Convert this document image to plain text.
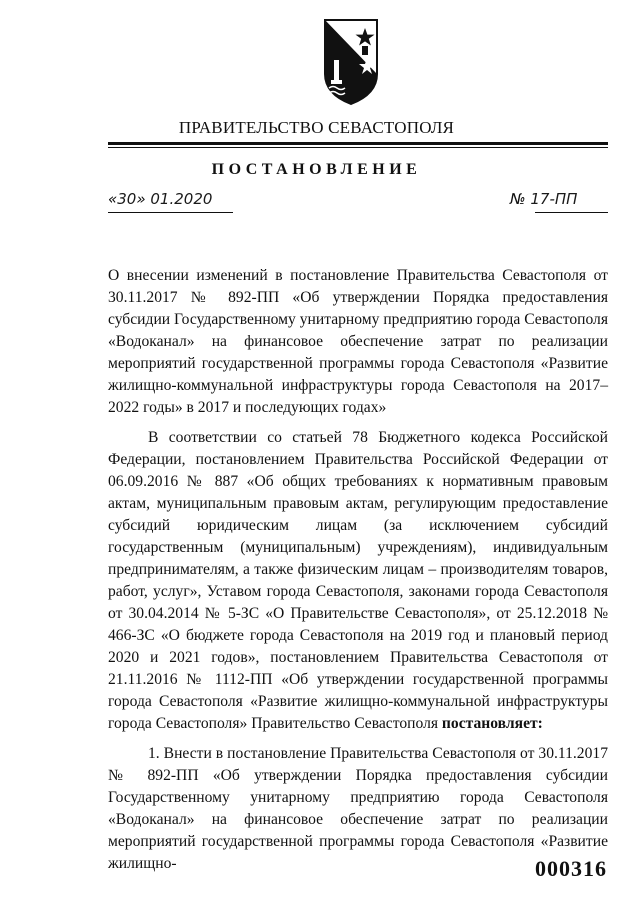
ПРАВИТЕЛЬСТВО СЕВАСТОПОЛЯ
ПОСТАНОВЛЕНИЕ
«30» 01.2020	№ 17-ПП

О внесении изменений в постановление Правительства Севастополя от 30.11.2017 № 892-ПП «Об утверждении Порядка предоставления субсидии Государственному унитарному предприятию города Севастополя «Водоканал» на финансовое обеспечение затрат по реализации мероприятий государственной программы города Севастополя «Развитие жилищно-коммунальной инфраструктуры города Севастополя на 2017–2022 годы» в 2017 и последующих годах»

В соответствии со статьей 78 Бюджетного кодекса Российской Федерации, постановлением Правительства Российской Федерации от 06.09.2016 № 887 «Об общих требованиях к нормативным правовым актам, муниципальным правовым актам, регулирующим предоставление субсидий юридическим лицам (за исключением субсидий государственным (муниципальным) учреждениям), индивидуальным предпринимателям, а также физическим лицам – производителям товаров, работ, услуг», Уставом города Севастополя, законами города Севастополя от 30.04.2014 № 5-ЗС «О Правительстве Севастополя», от 25.12.2018 № 466-ЗС «О бюджете города Севастополя на 2019 год и плановый период 2020 и 2021 годов», постановлением Правительства Севастополя от 21.11.2016 № 1112-ПП «Об утверждении государственной программы города Севастополя «Развитие жилищно-коммунальной инфраструктуры города Севастополя» Правительство Севастополя постановляет:

1. Внести в постановление Правительства Севастополя от 30.11.2017 № 892-ПП «Об утверждении Порядка предоставления субсидии Государственному унитарному предприятию города Севастополя «Водоканал» на финансовое обеспечение затрат по реализации мероприятий государственной программы города Севастополя «Развитие жилищно-	000316
